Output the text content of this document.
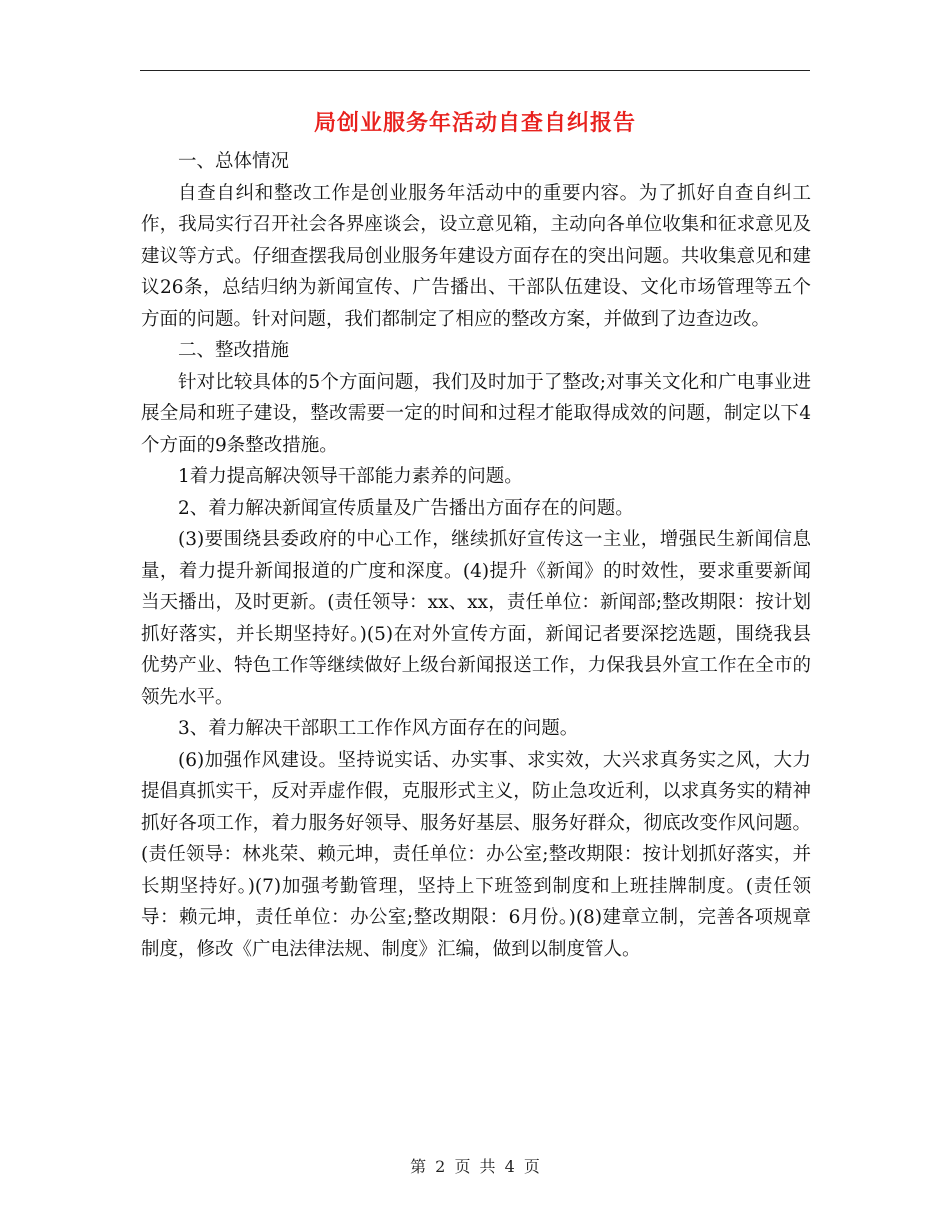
局创业服务年活动自查自纠报告

一、总体情况

自查自纠和整改工作是创业服务年活动中的重要内容。为了抓好自查自纠工作，我局实行召开社会各界座谈会，设立意见箱，主动向各单位收集和征求意见及建议等方式。仔细查摆我局创业服务年建设方面存在的突出问题。共收集意见和建议26条，总结归纳为新闻宣传、广告播出、干部队伍建设、文化市场管理等五个方面的问题。针对问题，我们都制定了相应的整改方案，并做到了边查边改。

二、整改措施

针对比较具体的5个方面问题，我们及时加于了整改;对事关文化和广电事业进展全局和班子建设，整改需要一定的时间和过程才能取得成效的问题，制定以下4个方面的9条整改措施。

1着力提高解决领导干部能力素养的问题。

2、着力解决新闻宣传质量及广告播出方面存在的问题。

(3)要围绕县委政府的中心工作，继续抓好宣传这一主业，增强民生新闻信息量，着力提升新闻报道的广度和深度。(4)提升《新闻》的时效性，要求重要新闻当天播出，及时更新。(责任领导：xx、xx，责任单位：新闻部;整改期限：按计划抓好落实，并长期坚持好。)(5)在对外宣传方面，新闻记者要深挖选题，围绕我县优势产业、特色工作等继续做好上级台新闻报送工作，力保我县外宣工作在全市的领先水平。

3、着力解决干部职工工作作风方面存在的问题。

(6)加强作风建设。坚持说实话、办实事、求实效，大兴求真务实之风，大力提倡真抓实干，反对弄虚作假，克服形式主义，防止急攻近利，以求真务实的精神抓好各项工作，着力服务好领导、服务好基层、服务好群众，彻底改变作风问题。(责任领导：林兆荣、赖元坤，责任单位：办公室;整改期限：按计划抓好落实，并长期坚持好。)(7)加强考勤管理，坚持上下班签到制度和上班挂牌制度。(责任领导：赖元坤，责任单位：办公室;整改期限：6月份。)(8)建章立制，完善各项规章制度，修改《广电法律法规、制度》汇编，做到以制度管人。

第 2 页 共 4 页
